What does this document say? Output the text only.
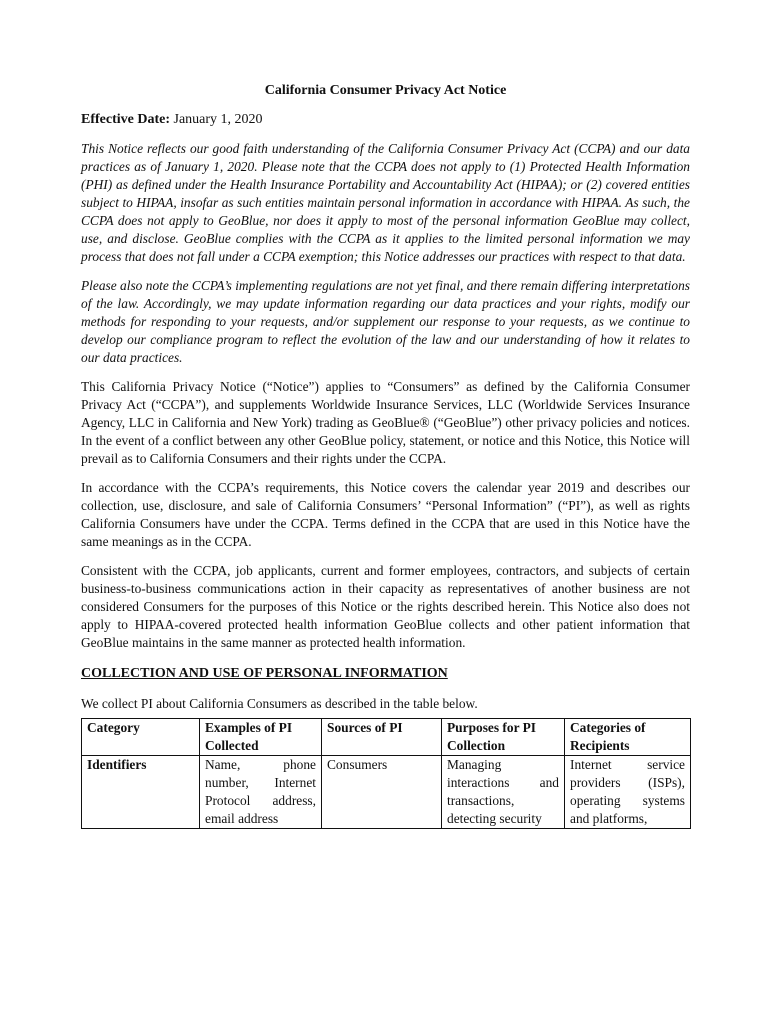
California Consumer Privacy Act Notice
Effective Date: January 1, 2020

This Notice reflects our good faith understanding of the California Consumer Privacy Act (CCPA) and our data practices as of January 1, 2020. Please note that the CCPA does not apply to (1) Protected Health Information (PHI) as defined under the Health Insurance Portability and Accountability Act (HIPAA); or (2) covered entities subject to HIPAA, insofar as such entities maintain personal information in accordance with HIPAA. As such, the CCPA does not apply to GeoBlue, nor does it apply to most of the personal information GeoBlue may collect, use, and disclose. GeoBlue complies with the CCPA as it applies to the limited personal information we may process that does not fall under a CCPA exemption; this Notice addresses our practices with respect to that data.

Please also note the CCPA’s implementing regulations are not yet final, and there remain differing interpretations of the law. Accordingly, we may update information regarding our data practices and your rights, modify our methods for responding to your requests, and/or supplement our response to your requests, as we continue to develop our compliance program to reflect the evolution of the law and our understanding of how it relates to our data practices.

This California Privacy Notice (“Notice”) applies to “Consumers” as defined by the California Consumer Privacy Act (“CCPA”), and supplements Worldwide Insurance Services, LLC (Worldwide Services Insurance Agency, LLC in California and New York) trading as GeoBlue® (“GeoBlue”) other privacy policies and notices. In the event of a conflict between any other GeoBlue policy, statement, or notice and this Notice, this Notice will prevail as to California Consumers and their rights under the CCPA.

In accordance with the CCPA’s requirements, this Notice covers the calendar year 2019 and describes our collection, use, disclosure, and sale of California Consumers’ “Personal Information” (“PI”), as well as rights California Consumers have under the CCPA. Terms defined in the CCPA that are used in this Notice have the same meanings as in the CCPA.

Consistent with the CCPA, job applicants, current and former employees, contractors, and subjects of certain business-to-business communications action in their capacity as representatives of another business are not considered Consumers for the purposes of this Notice or the rights described herein. This Notice also does not apply to HIPAA-covered protected health information GeoBlue collects and other patient information that GeoBlue maintains in the same manner as protected health information.

COLLECTION AND USE OF PERSONAL INFORMATION
We collect PI about California Consumers as described in the table below.
Category	Examples of PI Collected	Sources of PI	Purposes for PI Collection	Categories of Recipients

Identifiers	Name, phone number, Internet Protocol address, email address	Consumers	Managing interactions and transactions, detecting security	Internet service providers (ISPs), operating systems and platforms,
